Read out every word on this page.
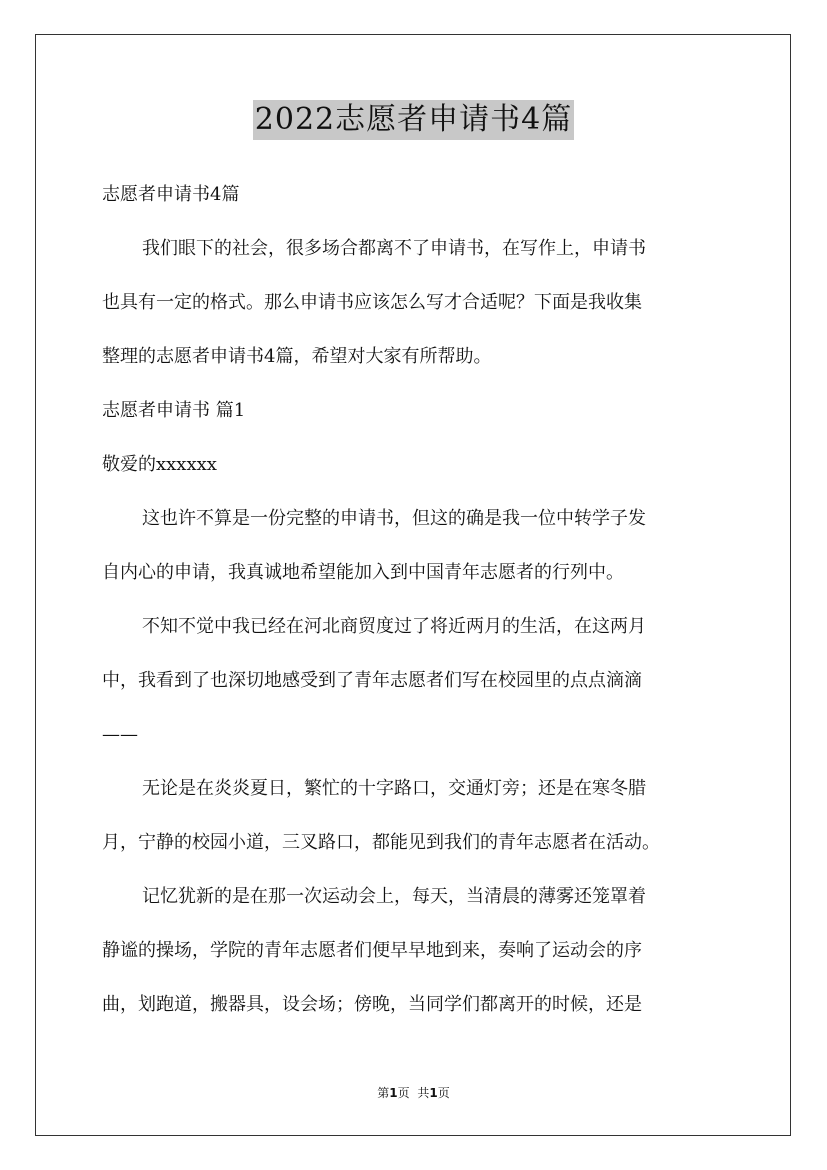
2022志愿者申请书4篇
志愿者申请书4篇
我们眼下的社会，很多场合都离不了申请书，在写作上，申请书
也具有一定的格式。那么申请书应该怎么写才合适呢？下面是我收集
整理的志愿者申请书4篇，希望对大家有所帮助。
志愿者申请书 篇1
敬爱的xxxxxx
这也许不算是一份完整的申请书，但这的确是我一位中转学子发
自内心的申请，我真诚地希望能加入到中国青年志愿者的行列中。
不知不觉中我已经在河北商贸度过了将近两月的生活，在这两月
中，我看到了也深切地感受到了青年志愿者们写在校园里的点点滴滴
——
无论是在炎炎夏日，繁忙的十字路口，交通灯旁；还是在寒冬腊
月，宁静的校园小道，三叉路口，都能见到我们的青年志愿者在活动。
记忆犹新的是在那一次运动会上，每天，当清晨的薄雾还笼罩着
静谧的操场，学院的青年志愿者们便早早地到来，奏响了运动会的序
曲，划跑道，搬器具，设会场；傍晚，当同学们都离开的时候，还是
第1页 共1页
